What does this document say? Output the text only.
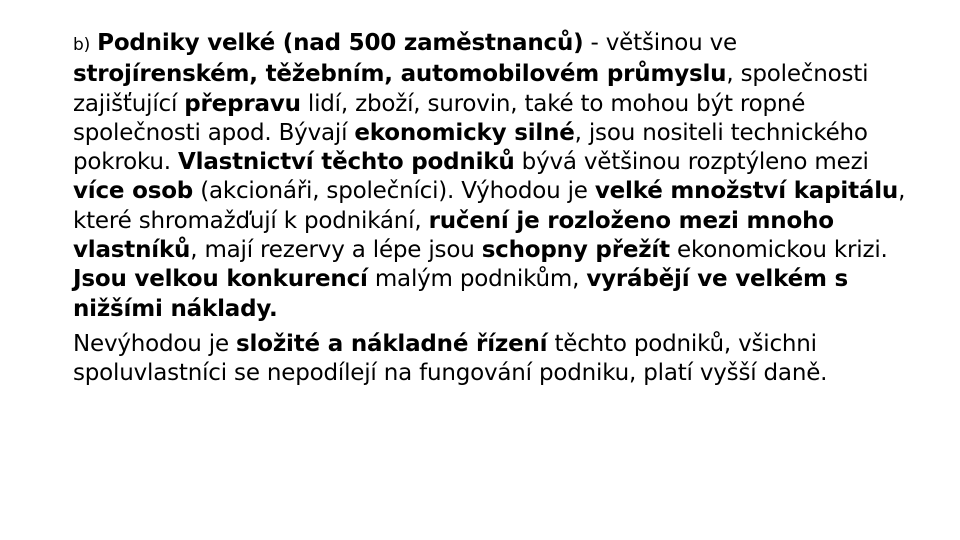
b) Podniky velké (nad 500 zaměstnanců) - většinou ve strojírenském, těžebním, automobilovém průmyslu, společnosti zajišťující přepravu lidí, zboží, surovin, také to mohou být ropné společnosti apod. Bývají ekonomicky silné, jsou nositeli technického pokroku. Vlastnictví těchto podniků bývá většinou rozptýleno mezi více osob (akcionáři, společníci). Výhodou je velké množství kapitálu, které shromažďují k podnikání, ručení je rozloženo mezi mnoho vlastníků, mají rezervy a lépe jsou schopny přežít ekonomickou krizi. Jsou velkou konkurencí malým podnikům, vyrábějí ve velkém s nižšími náklady.

Nevýhodou je složité a nákladné řízení těchto podniků, všichni spoluvlastníci se nepodílejí na fungování podniku, platí vyšší daně.
